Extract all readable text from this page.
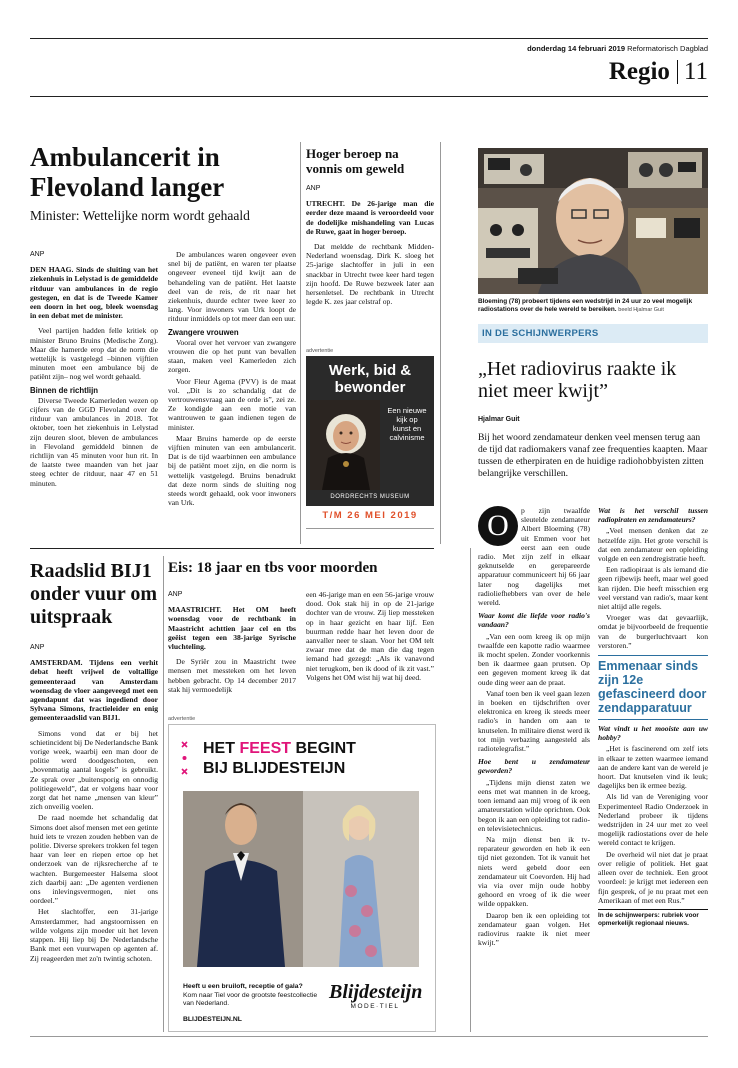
donderdag 14 februari 2019 Reformatorisch Dagblad
Regio 11
Ambulancerit in Flevoland langer
Minister: Wettelijke norm wordt gehaald
ANP

DEN HAAG. Sinds de sluiting van het ziekenhuis in Lelystad is de gemiddelde ritduur van ambulances in de regio gestegen, en dat is de Tweede Kamer een doorn in het oog, bleek woensdag in een debat met de minister.

Veel partijen hadden felle kritiek op minister Bruno Bruins (Medische Zorg). Maar die hamerde erop dat de norm die wettelijk is vastgelegd –binnen vijftien minuten moet een ambulance bij de patiënt zijn– nog wel wordt gehaald.

Binnen de richtlijn

Diverse Tweede Kamerleden wezen op cijfers van de GGD Flevoland over de ritduur van ambulances in 2018. Tot oktober, toen het ziekenhuis in Lelystad zijn deuren sloot, bleven de ambulances in Flevoland gemiddeld binnen de richtlijn van 45 minuten voor hun rit. In de laatste twee maanden van het jaar steeg echter de ritduur, naar 47 en 51 minuten.

De ambulances waren ongeveer even snel bij de patiënt, en waren ter plaatse ongeveer eveneel tijd kwijt aan de behandeling van de patiënt. Het laatste deel van de reis, de rit naar het ziekenhuis, duurde echter twee keer zo lang. Voor inwoners van Urk loopt de ritduur inmiddels op tot meer dan een uur.

Zwangere vrouwen

Vooral over het vervoer van zwangere vrouwen die op het punt van bevallen staan, maken veel Kamerleden zich zorgen.

Voor Fleur Agema (PVV) is de maat vol. „Dit is zo schandalig dat de vertrouwensvraag aan de orde is”, zei ze. Ze kondigde aan een motie van wantrouwen te gaan indienen tegen de minister.

Maar Bruins hamerde op de eerste vijftien minuten van een ambulancerit. Dat is de tijd waarbinnen een ambulance bij de patiënt moet zijn, en die norm is wettelijk vastgelegd. Bruins benadrukt dat deze norm sinds de sluiting nog steeds wordt gehaald, ook voor inwoners van Urk.

Hoger beroep na vonnis om geweld
ANP

UTRECHT. De 26-jarige man die eerder deze maand is veroordeeld voor de dodelijke mishandeling van Lucas de Ruwe, gaat in hoger beroep.

Dat meldde de rechtbank Midden-Nederland woensdag. Dirk K. sloeg het 25-jarige slachtoffer in juli in een snackbar in Utrecht twee keer hard tegen zijn hoofd. De Ruwe bezweek later aan hersenletsel. De rechtbank in Utrecht legde K. zes jaar celstraf op.

advertentie
Werk, bid &
bewonder
Een nieuwe
kijk op
kunst en
calvinisme
DORDRECHTS MUSEUM
T/M 26 MEI 2019
Bloeming (78) probeert tijdens een wedstrijd in 24 uur zo veel mogelijk radiostations over de hele wereld te bereiken. beeld Hjalmar Guit
IN DE SCHIJNWERPERS
„Het radiovirus raakte ik niet meer kwijt”
Hjalmar Guit
Bij het woord zendamateur denken veel mensen terug aan de tijd dat radiomakers vanaf zee frequenties kaapten. Maar tussen de etherpiraten en de huidige radiohobbyisten zitten belangrijke verschillen.
O	p zijn twaalfde sleutelde zendamateur Albert Bloeming (78) uit Emmen voor het eerst aan een oude radio. Met zijn zelf in elkaar geknutselde en gerepareerde apparatuur communiceert hij 66 jaar later nog dagelijks met radioliefhebbers van over de hele wereld.

Waar komt die liefde voor radio's vandaan?

„Van een oom kreeg ik op mijn twaalfde een kapotte radio waarmee ik mocht spelen. Zonder voorkennis ben ik daarmee gaan prutsen. Op een gegeven moment kreeg ik dat oude ding weer aan de praat.

Vanaf toen ben ik veel gaan lezen in boeken en tijdschriften over elektronica en kreeg ik steeds meer radio's in handen om aan te knutselen. In militaire dienst werd ik tot mijn verbazing aangesteld als radiotelegrafist.”

Hoe bent u zendamateur geworden?

„Tijdens mijn dienst zaten we eens met wat mannen in de kroeg, toen iemand aan mij vroeg of ik een amateurstation wilde oprichten. Ook begon ik aan een opleiding tot radio- en televisietechnicus.

Na mijn dienst ben ik tv-reparateur geworden en heb ik een tijd niet gezonden. Tot ik vanuit het niets werd gebeld door een zendamateur uit Coevorden. Hij had via via over mijn oude hobby gehoord en vroeg of ik die weer wilde oppakken.

Daarop ben ik een opleiding tot zendamateur gaan volgen. Het radiovirus raakte ik niet meer kwijt.”

Wat is het verschil tussen radiopiraten en zendamateurs?

„Veel mensen denken dat ze hetzelfde zijn. Het grote verschil is dat een zendamateur een opleiding volgde en een zendregistratie heeft.

Een radiopiraat is als iemand die geen rijbewijs heeft, maar wel goed kan rijden. Die heeft misschien erg veel verstand van radio's, maar kent niet altijd alle regels.

Vroeger was dat gevaarlijk, omdat je bijvoorbeeld de frequentie van de burgerluchtvaart kon verstoren.”

Emmenaar sinds zijn 12e gefascineerd door zendapparatuur

Wat vindt u het mooiste aan uw hobby?

„Het is fascinerend om zelf iets in elkaar te zetten waarmee iemand aan de andere kant van de wereld je hoort. Dat knutselen vind ik leuk; dagelijks ben ik ermee bezig.

Als lid van de Vereniging voor Experimenteel Radio Onderzoek in Nederland probeer ik tijdens wedstrijden in 24 uur met zo veel mogelijk radiostations over de hele wereld contact te krijgen.

De overheid wil niet dat je praat over religie of politiek. Het gaat alleen over de techniek. Een groot voordeel: je krijgt met iedereen een fijn gesprek, of je nu praat met een Amerikaan of met een Rus.”

In de schijnwerpers: rubriek voor opmerkelijk regionaal nieuws.
Raadslid BIJ1 onder vuur om uitspraak
ANP

AMSTERDAM. Tijdens een verhit debat heeft vrijwel de voltallige gemeenteraad van Amsterdam woensdag de vloer aangeveegd met een agendapunt dat was ingediend door Sylvana Simons, fractieleider en enig gemeenteraadslid van BIJ1.

Simons vond dat er bij het schietincident bij De Nederlandsche Bank vorige week, waarbij een man door de politie werd doodgeschoten, een „bovenmatig aantal kogels” is gebruikt. Ze sprak over „buitensporig en onnodig politiegeweld”, dat er volgens haar voor zorgt dat het name „mensen van kleur” zich onveilig voelen.

De raad noemde het schandalig dat Simons doet alsof mensen met een getinte huid iets te vrezen zouden hebben van de politie. Diverse sprekers trokken fel tegen haar van leer en riepen ertoe op het onderzoek van de rijksrecherche af te wachten. Burgemeester Halsema sloot zich daarbij aan: „De agenten verdienen ons inlevingsvermogen, niet ons oordeel.”

Het slachtoffer, een 31-jarige Amsterdammer, had angstoornissen en wilde volgens zijn moeder uit het leven stappen. Hij liep bij De Nederlandsche Bank met een vuurwapen op agenten af. Zij reageerden met zo'n twintig schoten.

Eis: 18 jaar en tbs voor moorden
ANP

MAASTRICHT. Het OM heeft woensdag voor de rechtbank in Maastricht achttien jaar cel en tbs geëist tegen een 38-jarige Syrische vluchteling.

De Syriër zou in Maastricht twee mensen met messteken om het leven hebben gebracht. Op 14 december 2017 stak hij vermoedelijk

een 46-jarige man en een 56-jarige vrouw dood. Ook stak hij in op de 21-jarige dochter van de vrouw. Zij liep messteken op in haar gezicht en haar lijf. Een buurman redde haar het leven door de aanvaller neer te slaan. Voor het OM telt zwaar mee dat de man die dag tegen iemand had gezegd: „Als ik vanavond niet terugkom, ben ik dood of ik zit vast.” Volgens het OM wist hij wat hij deed.

advertentie
HET FEEST BEGINT
BIJ BLIJDESTEIJN
Heeft u een bruiloft, receptie of gala?
Kom naar Tiel voor de grootste feestcollectie van Nederland.
BLIJDESTEIJN.NL
Blijdesteijn
MODE·TIEL
